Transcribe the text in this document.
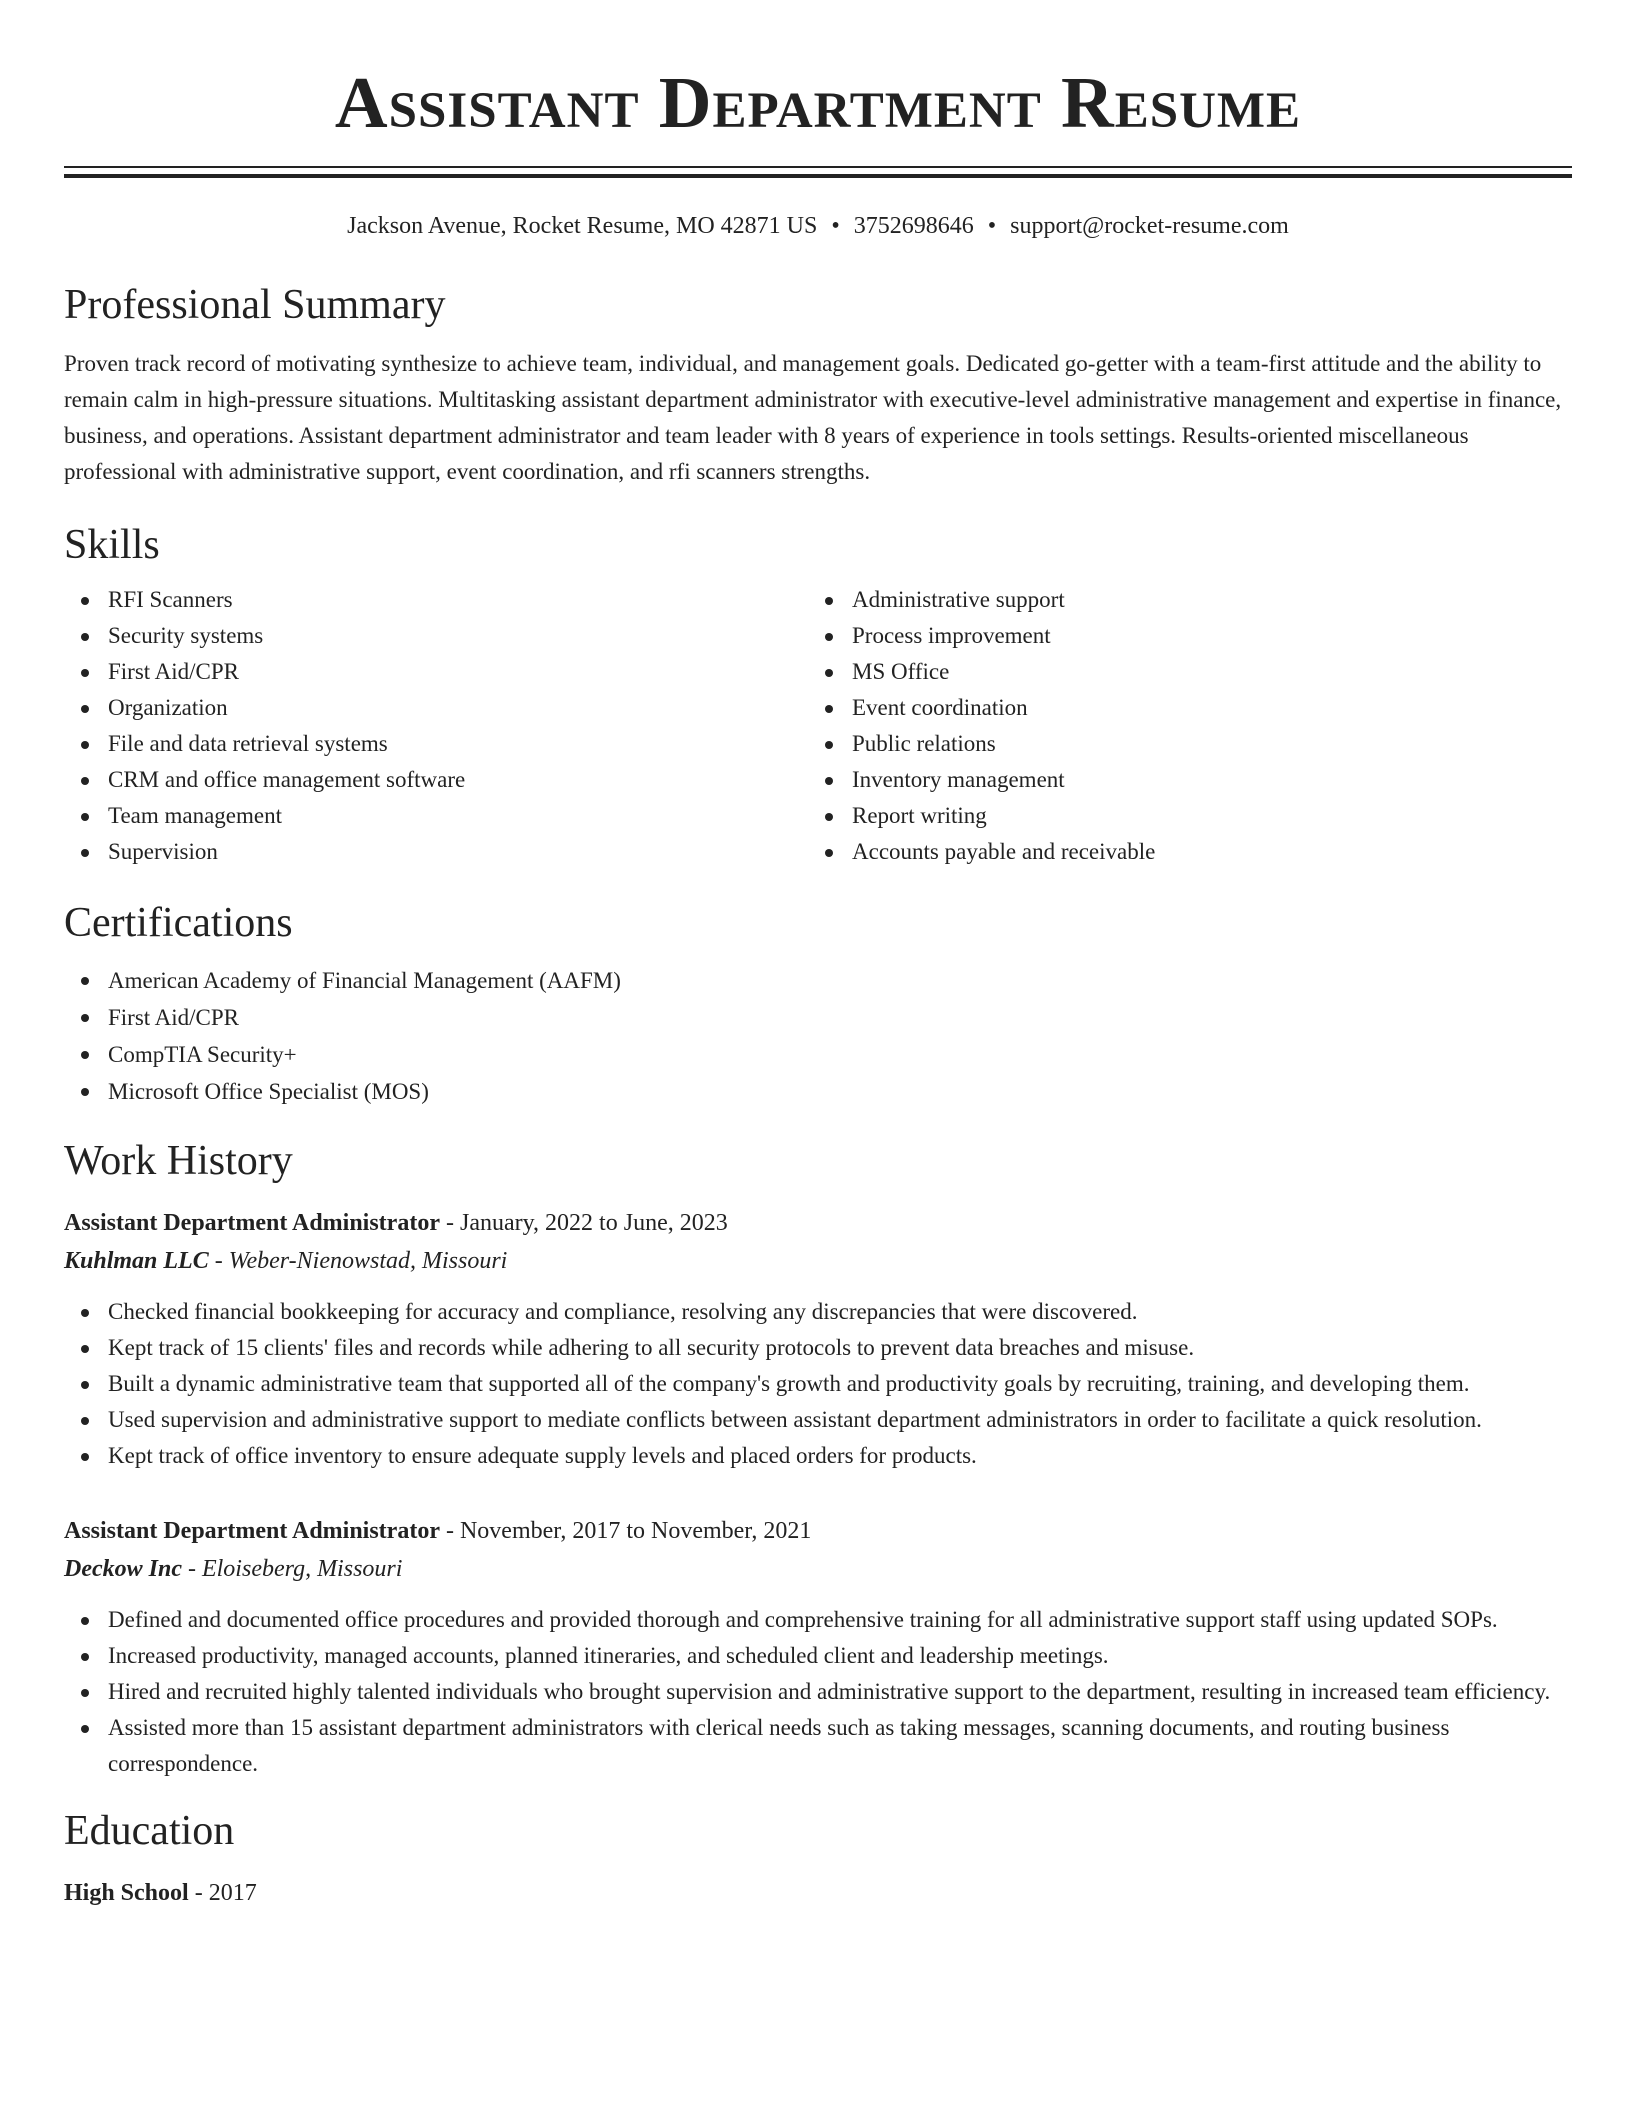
Assistant Department Resume
Jackson Avenue, Rocket Resume, MO 42871 US • 3752698646 • support@rocket-resume.com
Professional Summary

Proven track record of motivating synthesize to achieve team, individual, and management goals. Dedicated go-getter with a team-first attitude and the ability to remain calm in high-pressure situations. Multitasking assistant department administrator with executive-level administrative management and expertise in finance, business, and operations. Assistant department administrator and team leader with 8 years of experience in tools settings. Results-oriented miscellaneous professional with administrative support, event coordination, and rfi scanners strengths.

Skills
RFI Scanners
Security systems
First Aid/CPR
Organization
File and data retrieval systems
CRM and office management software
Team management
Supervision
Administrative support
Process improvement
MS Office
Event coordination
Public relations
Inventory management
Report writing
Accounts payable and receivable
Certifications
American Academy of Financial Management (AAFM)
First Aid/CPR
CompTIA Security+
Microsoft Office Specialist (MOS)
Work History
Assistant Department Administrator - January, 2022 to June, 2023
Kuhlman LLC - Weber-Nienowstad, Missouri
Checked financial bookkeeping for accuracy and compliance, resolving any discrepancies that were discovered.
Kept track of 15 clients' files and records while adhering to all security protocols to prevent data breaches and misuse.
Built a dynamic administrative team that supported all of the company's growth and productivity goals by recruiting, training, and developing them.
Used supervision and administrative support to mediate conflicts between assistant department administrators in order to facilitate a quick resolution.
Kept track of office inventory to ensure adequate supply levels and placed orders for products.
Assistant Department Administrator - November, 2017 to November, 2021
Deckow Inc - Eloiseberg, Missouri
Defined and documented office procedures and provided thorough and comprehensive training for all administrative support staff using updated SOPs.
Increased productivity, managed accounts, planned itineraries, and scheduled client and leadership meetings.
Hired and recruited highly talented individuals who brought supervision and administrative support to the department, resulting in increased team efficiency.
Assisted more than 15 assistant department administrators with clerical needs such as taking messages, scanning documents, and routing business correspondence.
Education
High School - 2017
